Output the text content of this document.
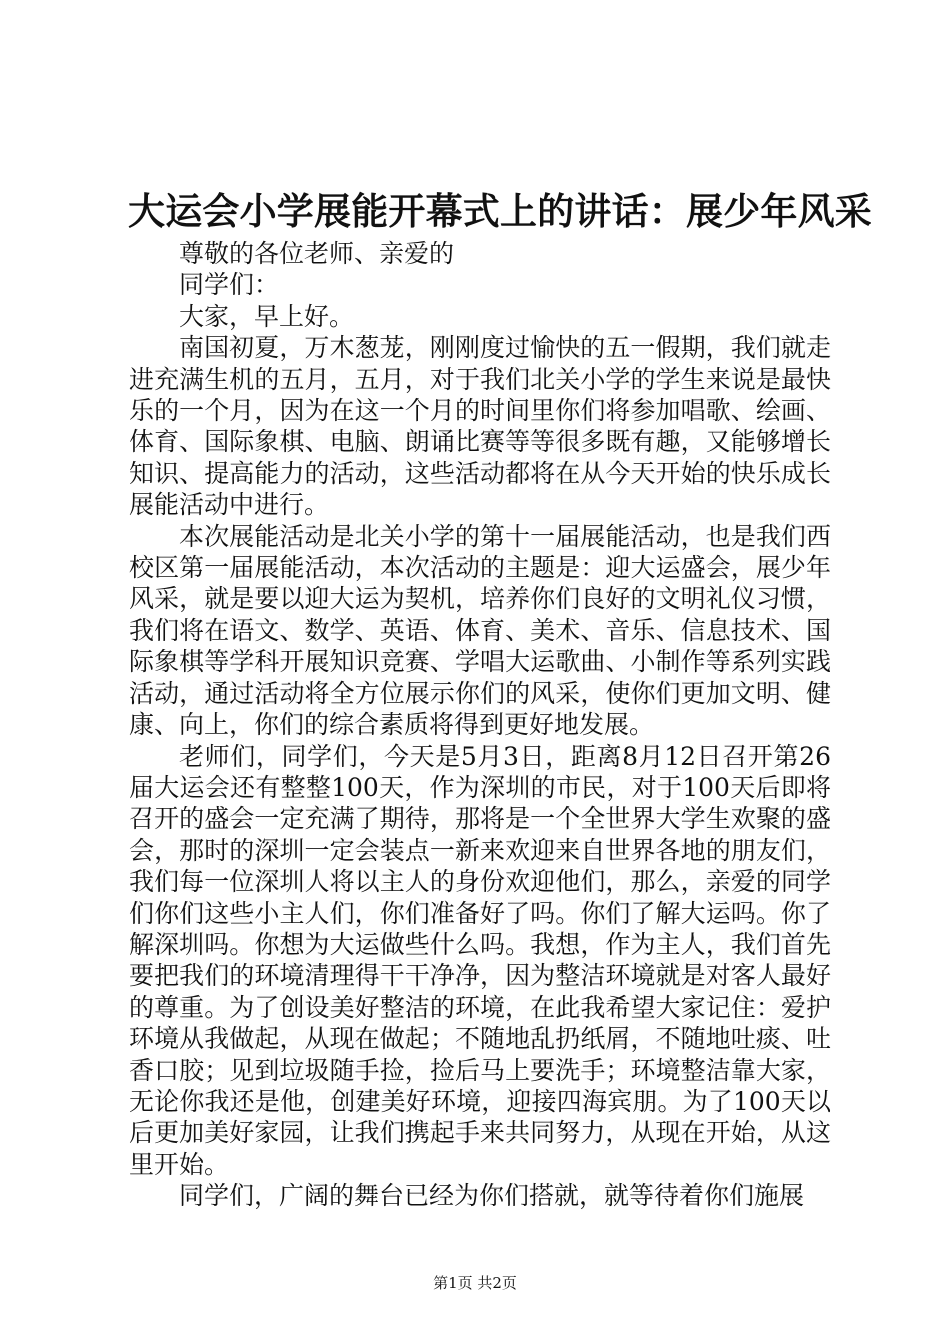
大运会小学展能开幕式上的讲话：展少年风采

尊敬的各位老师、亲爱的

同学们：

大家，早上好。

南国初夏，万木葱茏，刚刚度过愉快的五一假期，我们就走进充满生机的五月，五月，对于我们北关小学的学生来说是最快乐的一个月，因为在这一个月的时间里你们将参加唱歌、绘画、体育、国际象棋、电脑、朗诵比赛等等很多既有趣，又能够增长知识、提高能力的活动，这些活动都将在从今天开始的快乐成长展能活动中进行。

本次展能活动是北关小学的第十一届展能活动，也是我们西校区第一届展能活动，本次活动的主题是：迎大运盛会，展少年风采，就是要以迎大运为契机，培养你们良好的文明礼仪习惯，我们将在语文、数学、英语、体育、美术、音乐、信息技术、国际象棋等学科开展知识竞赛、学唱大运歌曲、小制作等系列实践活动，通过活动将全方位展示你们的风采，使你们更加文明、健康、向上，你们的综合素质将得到更好地发展。

老师们，同学们，今天是5月3日，距离8月12日召开第26届大运会还有整整100天，作为深圳的市民，对于100天后即将召开的盛会一定充满了期待，那将是一个全世界大学生欢聚的盛会，那时的深圳一定会装点一新来欢迎来自世界各地的朋友们，我们每一位深圳人将以主人的身份欢迎他们，那么，亲爱的同学们你们这些小主人们，你们准备好了吗。你们了解大运吗。你了解深圳吗。你想为大运做些什么吗。我想，作为主人，我们首先要把我们的环境清理得干干净净，因为整洁环境就是对客人最好的尊重。为了创设美好整洁的环境，在此我希望大家记住：爱护环境从我做起，从现在做起；不随地乱扔纸屑，不随地吐痰、吐香口胶；见到垃圾随手捡，捡后马上要洗手；环境整洁靠大家，无论你我还是他，创建美好环境，迎接四海宾朋。为了100天以后更加美好家园，让我们携起手来共同努力，从现在开始，从这里开始。

同学们，广阔的舞台已经为你们搭就，就等待着你们施展

第1页 共2页
